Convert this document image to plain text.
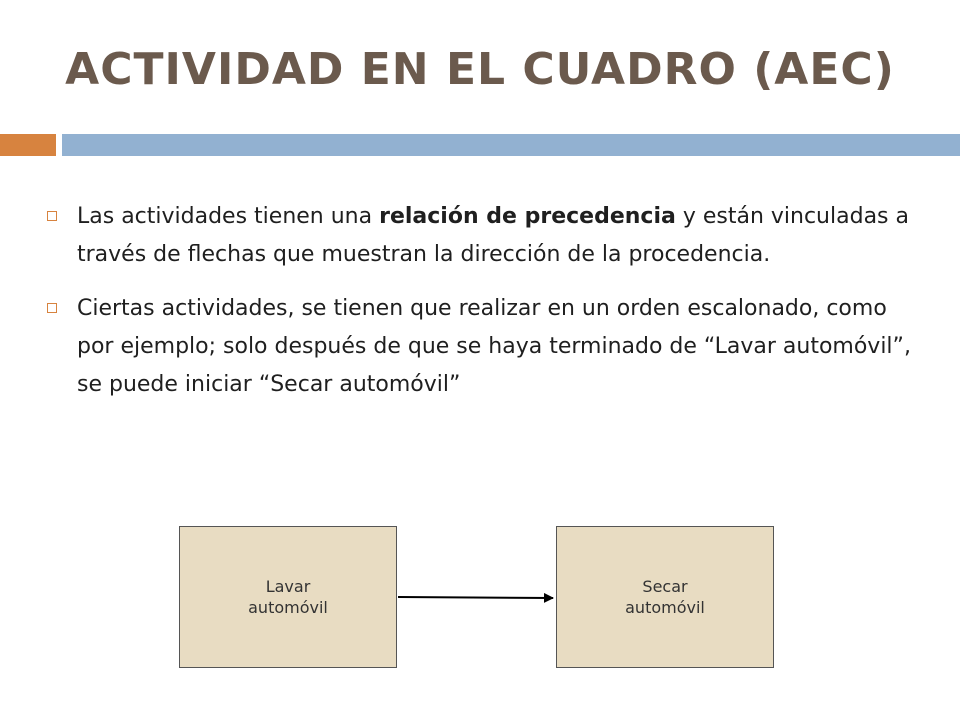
ACTIVIDAD EN EL CUADRO (AEC)
Las actividades tienen una relación de precedencia y están vinculadas a través de flechas que muestran la dirección de la procedencia.
Ciertas actividades, se tienen que realizar en un orden escalonado, como por ejemplo; solo después de que se haya terminado de “Lavar automóvil”, se puede iniciar “Secar automóvil”
Lavar
automóvil
Secar
automóvil
